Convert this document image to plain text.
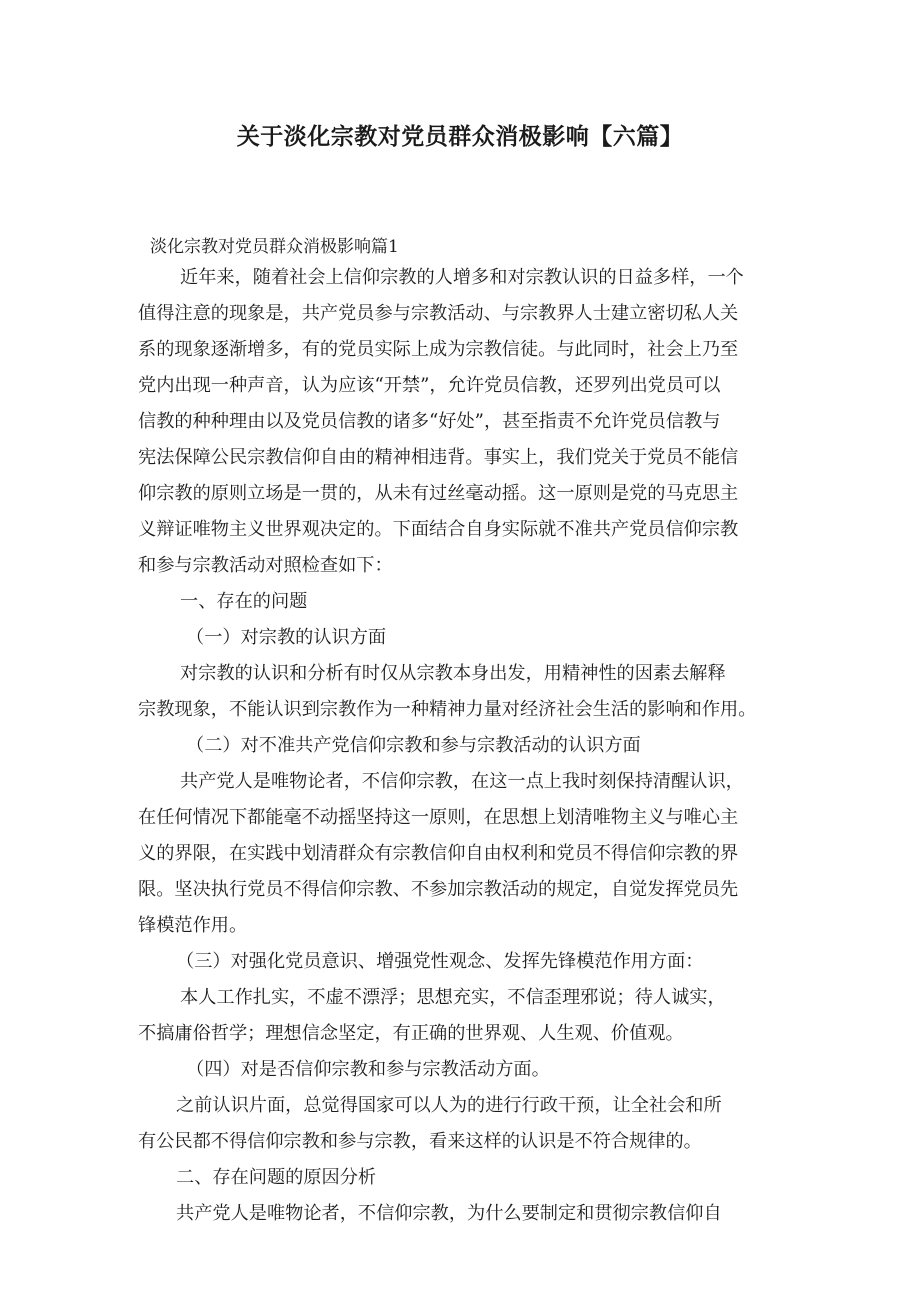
关于淡化宗教对党员群众消极影响【六篇】
淡化宗教对党员群众消极影响篇1
近年来，随着社会上信仰宗教的人增多和对宗教认识的日益多样，一个
值得注意的现象是，共产党员参与宗教活动、与宗教界人士建立密切私人关
系的现象逐渐增多，有的党员实际上成为宗教信徒。与此同时，社会上乃至
党内出现一种声音，认为应该“开禁”，允许党员信教，还罗列出党员可以
信教的种种理由以及党员信教的诸多“好处”，甚至指责不允许党员信教与
宪法保障公民宗教信仰自由的精神相违背。事实上，我们党关于党员不能信
仰宗教的原则立场是一贯的，从未有过丝毫动摇。这一原则是党的马克思主
义辩证唯物主义世界观决定的。下面结合自身实际就不准共产党员信仰宗教
和参与宗教活动对照检查如下：
一、存在的问题
（一）对宗教的认识方面
对宗教的认识和分析有时仅从宗教本身出发，用精神性的因素去解释
宗教现象，不能认识到宗教作为一种精神力量对经济社会生活的影响和作用。
（二）对不准共产党信仰宗教和参与宗教活动的认识方面
共产党人是唯物论者，不信仰宗教，在这一点上我时刻保持清醒认识，
在任何情况下都能毫不动摇坚持这一原则，在思想上划清唯物主义与唯心主
义的界限，在实践中划清群众有宗教信仰自由权利和党员不得信仰宗教的界
限。坚决执行党员不得信仰宗教、不参加宗教活动的规定，自觉发挥党员先
锋模范作用。
（三）对强化党员意识、增强党性观念、发挥先锋模范作用方面：
本人工作扎实，不虚不漂浮；思想充实，不信歪理邪说；待人诚实，
不搞庸俗哲学；理想信念坚定，有正确的世界观、人生观、价值观。
（四）对是否信仰宗教和参与宗教活动方面。
之前认识片面，总觉得国家可以人为的进行行政干预，让全社会和所
有公民都不得信仰宗教和参与宗教，看来这样的认识是不符合规律的。
二、存在问题的原因分析
共产党人是唯物论者，不信仰宗教，为什么要制定和贯彻宗教信仰自
